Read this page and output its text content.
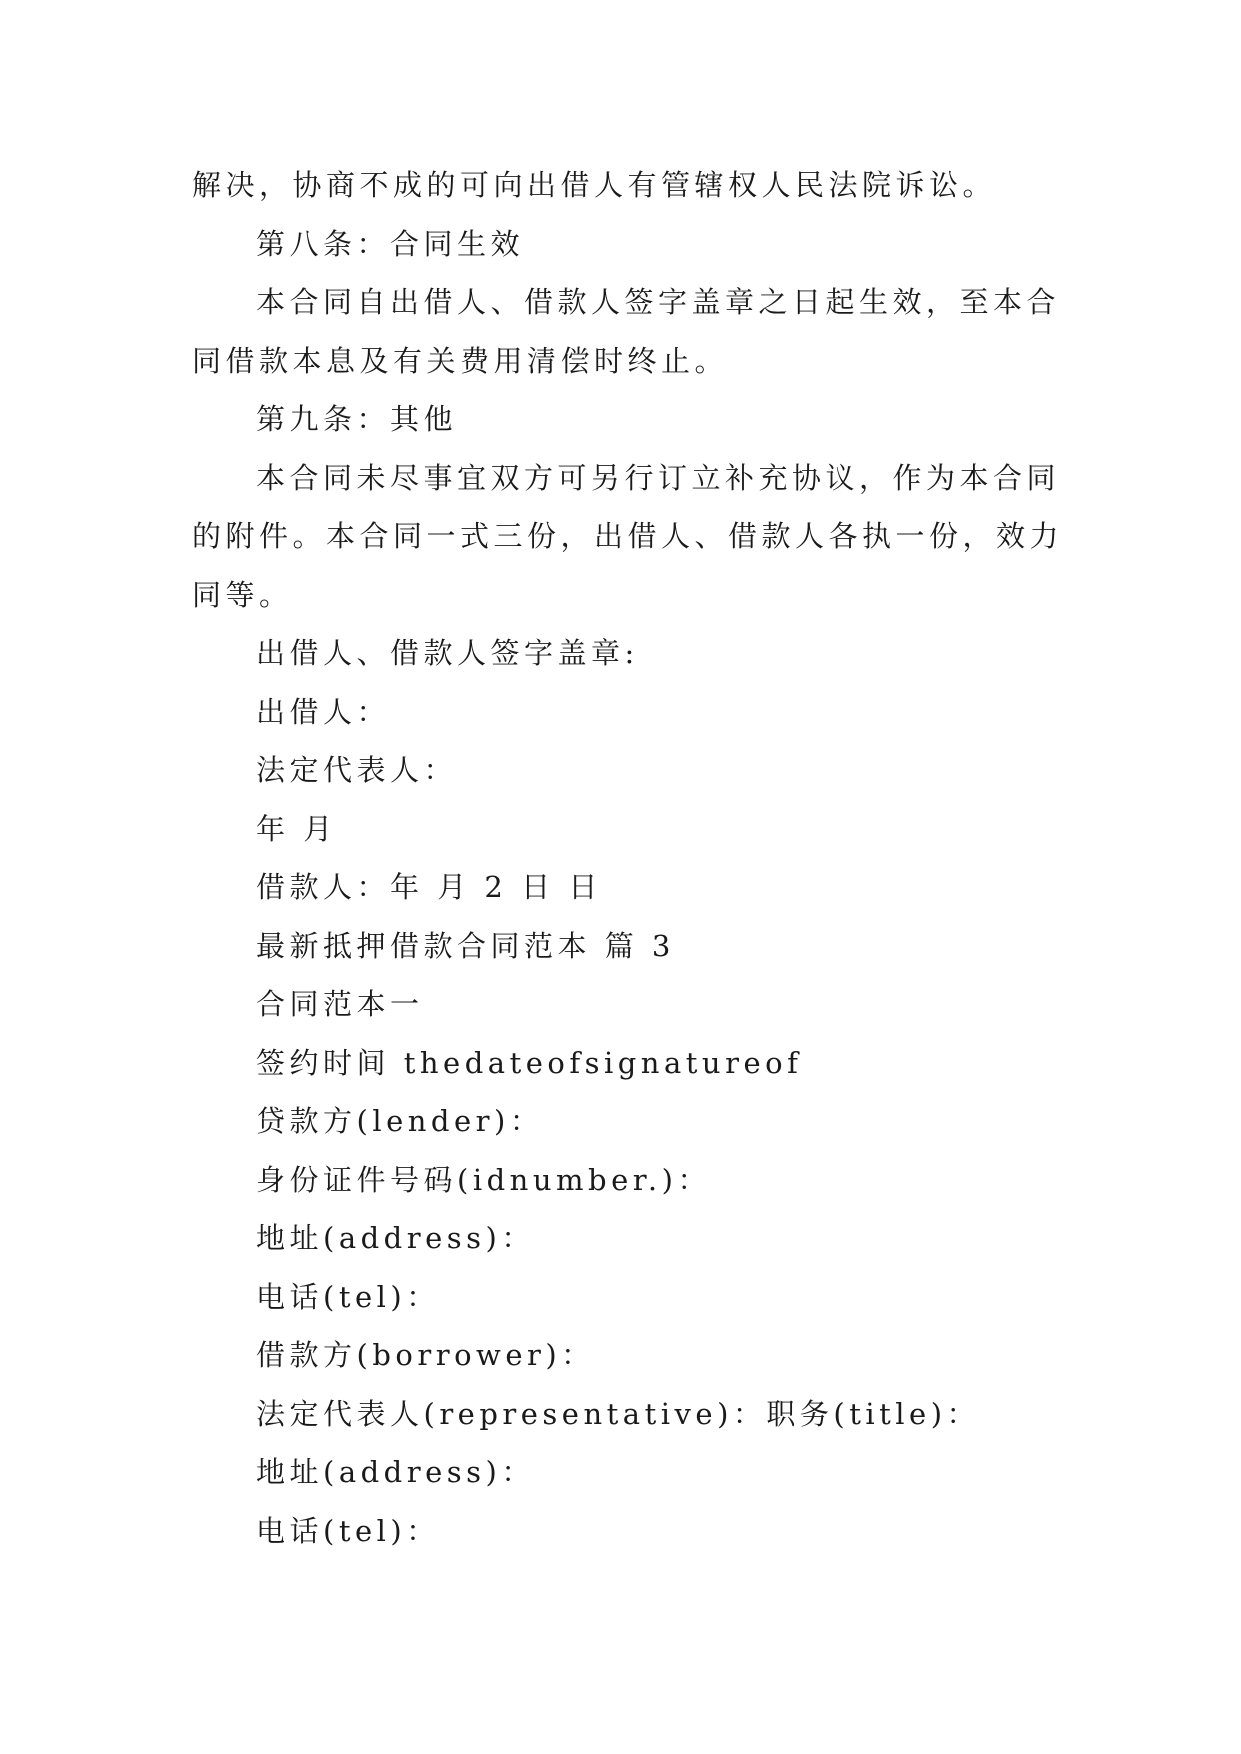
解决，协商不成的可向出借人有管辖权人民法院诉讼。
第八条：合同生效
本合同自出借人、借款人签字盖章之日起生效，至本合
同借款本息及有关费用清偿时终止。
第九条：其他
本合同未尽事宜双方可另行订立补充协议，作为本合同
的附件。本合同一式三份，出借人、借款人各执一份，效力
同等。
出借人、借款人签字盖章:
出借人：
法定代表人：
年 月
借款人：年 月 2 日 日
最新抵押借款合同范本 篇 3
合同范本一
签约时间 thedateofsignatureof
贷款方(lender)：
身份证件号码(idnumber.)：
地址(address)：
电话(tel)：
借款方(borrower)：
法定代表人(representative)：职务(title)：
地址(address)：
电话(tel)：
